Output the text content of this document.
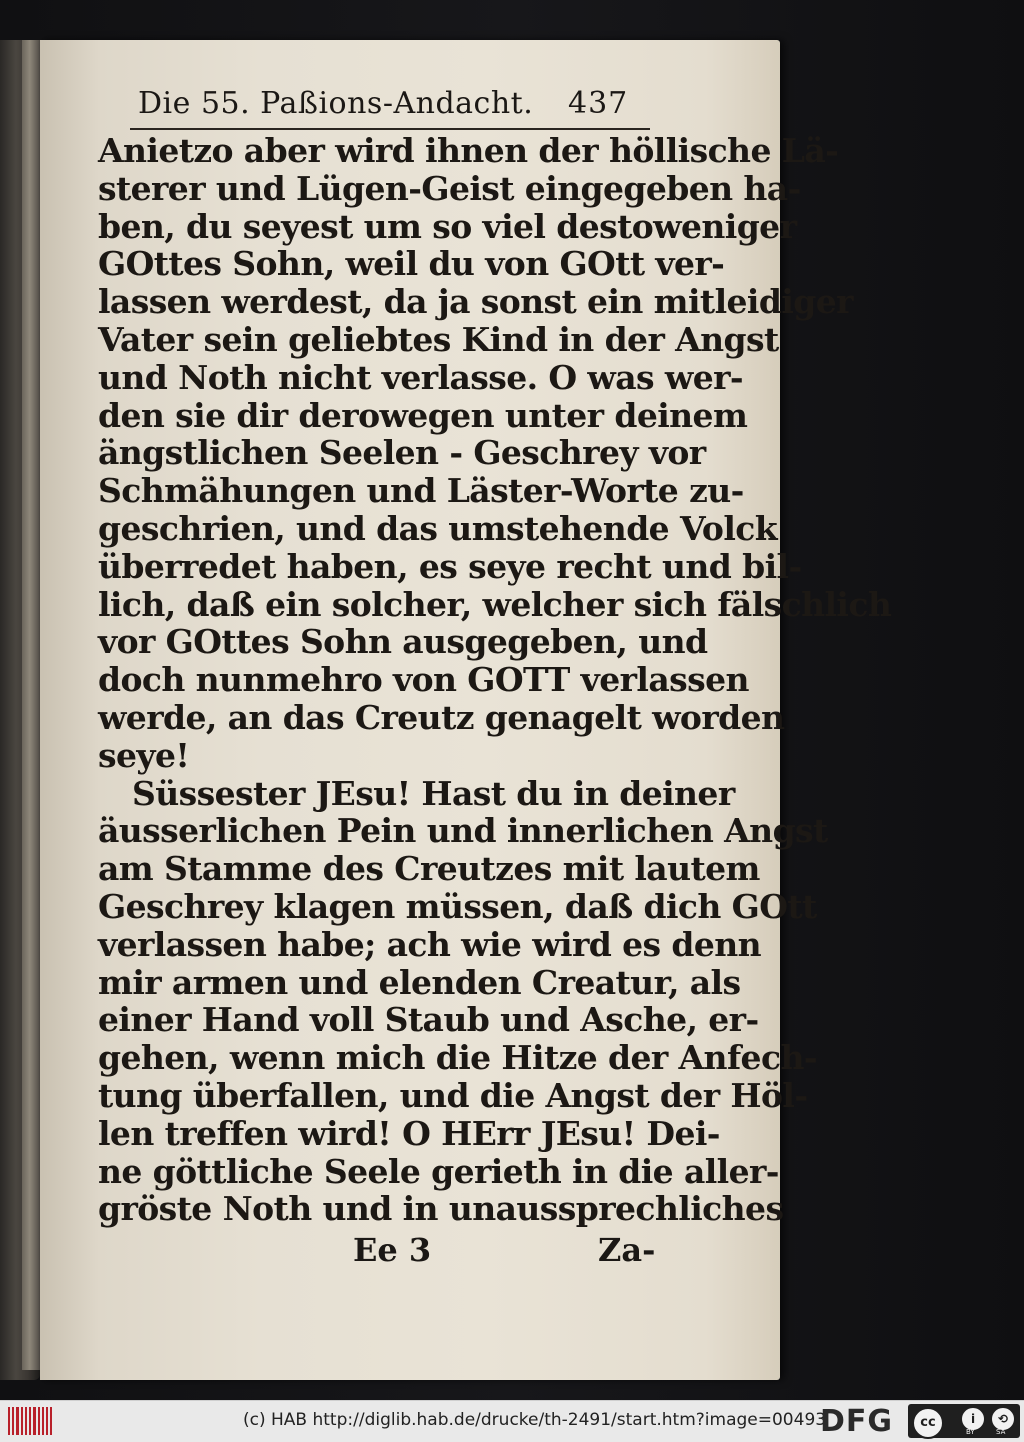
Die 55. Paßions-Andacht. 437
Anietzo aber wird ihnen der höllische Lä-
sterer und Lügen-Geist eingegeben ha-
ben, du seyest um so viel destoweniger
GOttes Sohn, weil du von GOtt ver-
lassen werdest, da ja sonst ein mitleidiger
Vater sein geliebtes Kind in der Angst
und Noth nicht verlasse. O was wer-
den sie dir derowegen unter deinem
ängstlichen Seelen - Geschrey vor
Schmähungen und Läster-Worte zu-
geschrien, und das umstehende Volck
überredet haben, es seye recht und bil-
lich, daß ein solcher, welcher sich fälschlich
vor GOttes Sohn ausgegeben, und
doch nunmehro von GOTT verlassen
werde, an das Creutz genagelt worden
seye!
Süssester JEsu! Hast du in deiner
äusserlichen Pein und innerlichen Angst
am Stamme des Creutzes mit lautem
Geschrey klagen müssen, daß dich GOtt
verlassen habe; ach wie wird es denn
mir armen und elenden Creatur, als
einer Hand voll Staub und Asche, er-
gehen, wenn mich die Hitze der Anfech-
tung überfallen, und die Angst der Höl-
len treffen wird! O HErr JEsu! Dei-
ne göttliche Seele gerieth in die aller-
gröste Noth und in unaussprechliches
Ee 3	Za-
(c) HAB http://diglib.hab.de/drucke/th-2491/start.htm?image=00493
DFG	cc	i	⟲
BY	SA
